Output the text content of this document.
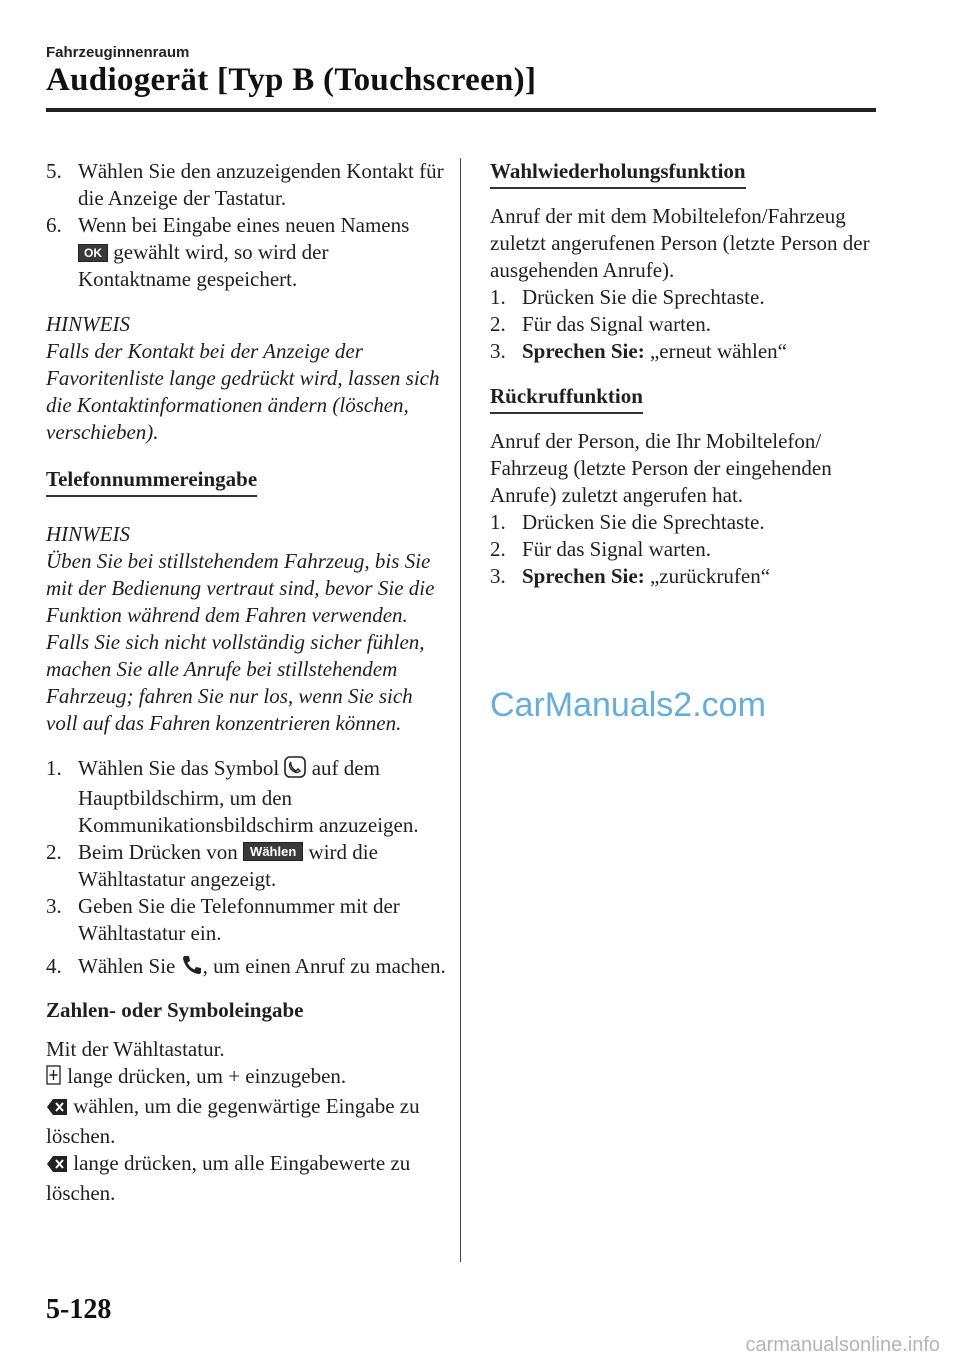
Fahrzeuginnenraum
Audiogerät [Typ B (Touchscreen)]

5. Wählen Sie den anzuzeigenden Kontakt für die Anzeige der Tastatur.

6. Wenn bei Eingabe eines neuen Namens
OK gewählt wird, so wird der Kontaktname gespeichert.

HINWEIS
Falls der Kontakt bei der Anzeige der Favoritenliste lange gedrückt wird, lassen sich die Kontaktinformationen ändern (löschen, verschieben).

Telefonnummereingabe

HINWEIS
Üben Sie bei stillstehendem Fahrzeug, bis Sie mit der Bedienung vertraut sind, bevor Sie die Funktion während dem Fahren verwenden. Falls Sie sich nicht vollständig sicher fühlen, machen Sie alle Anrufe bei stillstehendem Fahrzeug; fahren Sie nur los, wenn Sie sich voll auf das Fahren konzentrieren können.

1. Wählen Sie das Symbol auf dem Hauptbildschirm, um den Kommunikationsbildschirm anzuzeigen.

2. Beim Drücken von Wählen wird die Wähltastatur angezeigt.

3. Geben Sie die Telefonnummer mit der Wähltastatur ein.

4. Wählen Sie , um einen Anruf zu machen.

Zahlen- oder Symboleingabe

Mit der Wähltastatur.

lange drücken, um + einzugeben.

wählen, um die gegenwärtige Eingabe zu löschen.

lange drücken, um alle Eingabewerte zu löschen.

Wahlwiederholungsfunktion

Anruf der mit dem Mobiltelefon/Fahrzeug zuletzt angerufenen Person (letzte Person der ausgehenden Anrufe).

1. Drücken Sie die Sprechtaste.

2. Für das Signal warten.

3. Sprechen Sie: „erneut wählen“

Rückruffunktion

Anruf der Person, die Ihr Mobiltelefon/ Fahrzeug (letzte Person der eingehenden Anrufe) zuletzt angerufen hat.

1. Drücken Sie die Sprechtaste.

2. Für das Signal warten.

3. Sprechen Sie: „zurückrufen“

CarManuals2.com
5-128
carmanualsonline.info
